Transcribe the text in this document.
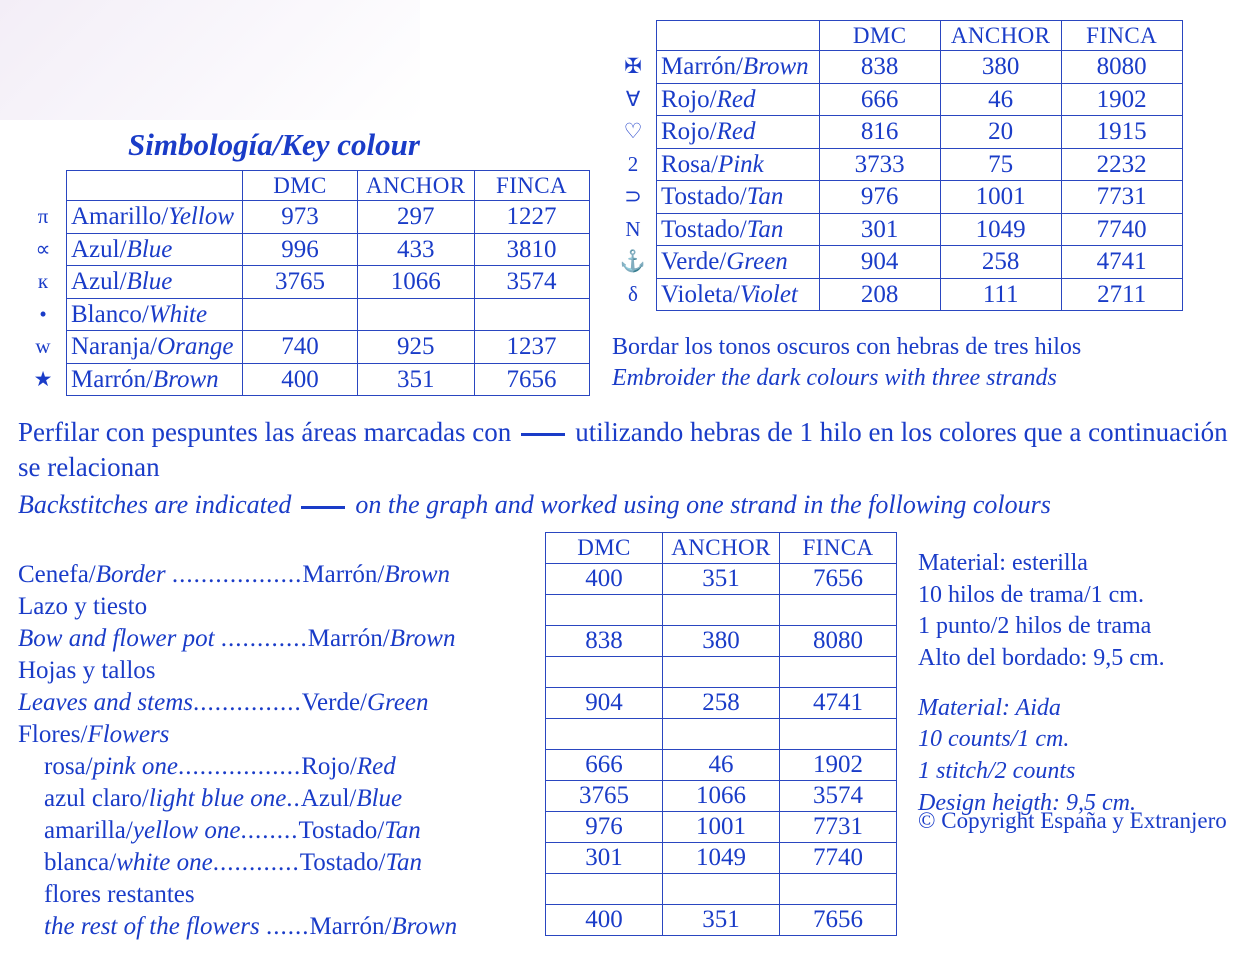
		DMC	ANCHOR	FINCA
✠	Marrón/Brown	838	380	8080
Ɐ	Rojo/Red	666	46	1902
♡	Rojo/Red	816	20	1915
2	Rosa/Pink	3733	75	2232
⊃	Tostado/Tan	976	1001	7731
N	Tostado/Tan	301	1049	7740
⚓	Verde/Green	904	258	4741
δ	Violeta/Violet	208	111	2711
Bordar los tonos oscuros con hebras de tres hilos
Embroider the dark colours with three strands
Simbología/Key colour
		DMC	ANCHOR	FINCA
π	Amarillo/Yellow	973	297	1227
∝	Azul/Blue	996	433	3810
к	Azul/Blue	3765	1066	3574
•	Blanco/White			
w	Naranja/Orange	740	925	1237
★	Marrón/Brown	400	351	7656
Perfilar con pespuntes las áreas marcadas con utilizando hebras de 1 hilo en los colores que a continuación se relacionan
Backstitches are indicated on the graph and worked using one strand in the following colours
Cenefa/Border ..................Marrón/Brown
Lazo y tiesto
Bow and flower pot ............Marrón/Brown
Hojas y tallos
Leaves and stems...............Verde/Green
Flores/Flowers
rosa/pink one.................Rojo/Red
azul claro/light blue one..Azul/Blue
amarilla/yellow one........Tostado/Tan
blanca/white one............Tostado/Tan
flores restantes
the rest of the flowers ......Marrón/Brown
DMC	ANCHOR	FINCA
400	351	7656

838	380	8080

904	258	4741

666	46	1902
3765	1066	3574
976	1001	7731
301	1049	7740

400	351	7656
Material: esterilla
10 hilos de trama/1 cm.
1 punto/2 hilos de trama
Alto del bordado: 9,5 cm.
Material: Aida
10 counts/1 cm.
1 stitch/2 counts
Design heigth: 9,5 cm.
© Copyright España y Extranjero
